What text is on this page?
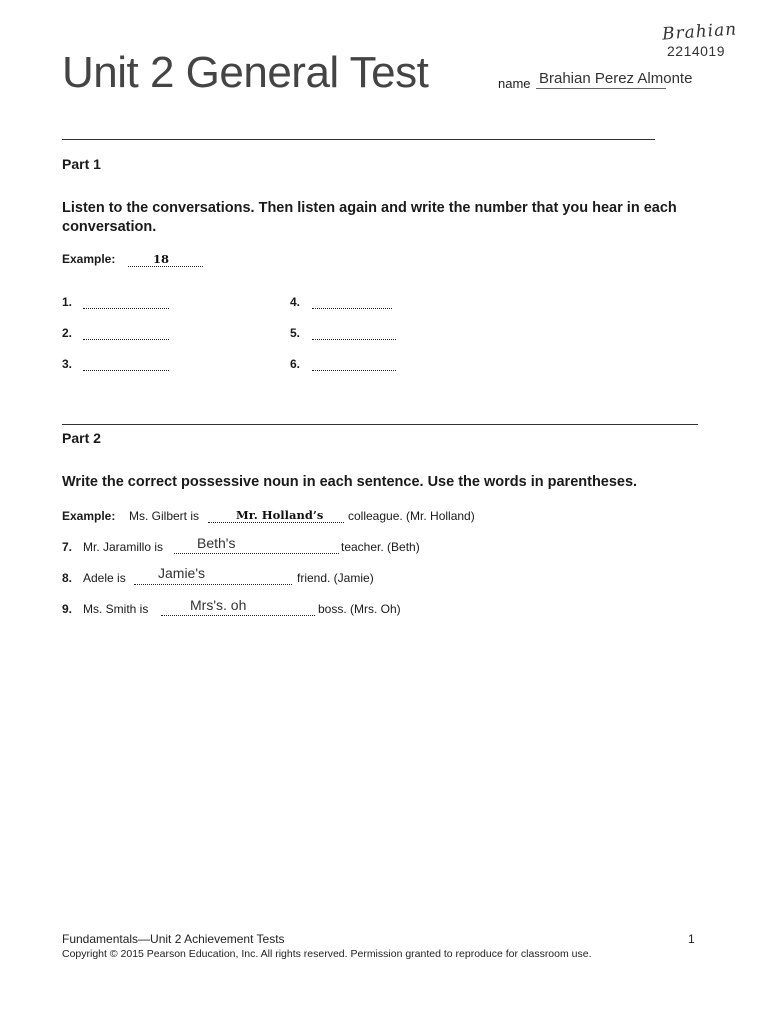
Unit 2 General Test
Brahian
2214019
name Brahian Perez Almonte
Part 1
Listen to the conversations. Then listen again and write the number that you hear in each conversation.
Example:	18
1.
2.
3.
4.
5.
6.
Part 2
Write the correct possessive noun in each sentence. Use the words in parentheses.
Example: Ms. Gilbert is	Mr. Holland’s colleague. (Mr. Holland)
7. Mr. Jaramillo is Beth's	teacher. (Beth)
8. Adele is Jamie's	friend. (Jamie)
9. Ms. Smith is	Mrs's. oh	boss. (Mrs. Oh)
Fundamentals—Unit 2 Achievement Tests
Copyright © 2015 Pearson Education, Inc. All rights reserved. Permission granted to reproduce for classroom use.
1
